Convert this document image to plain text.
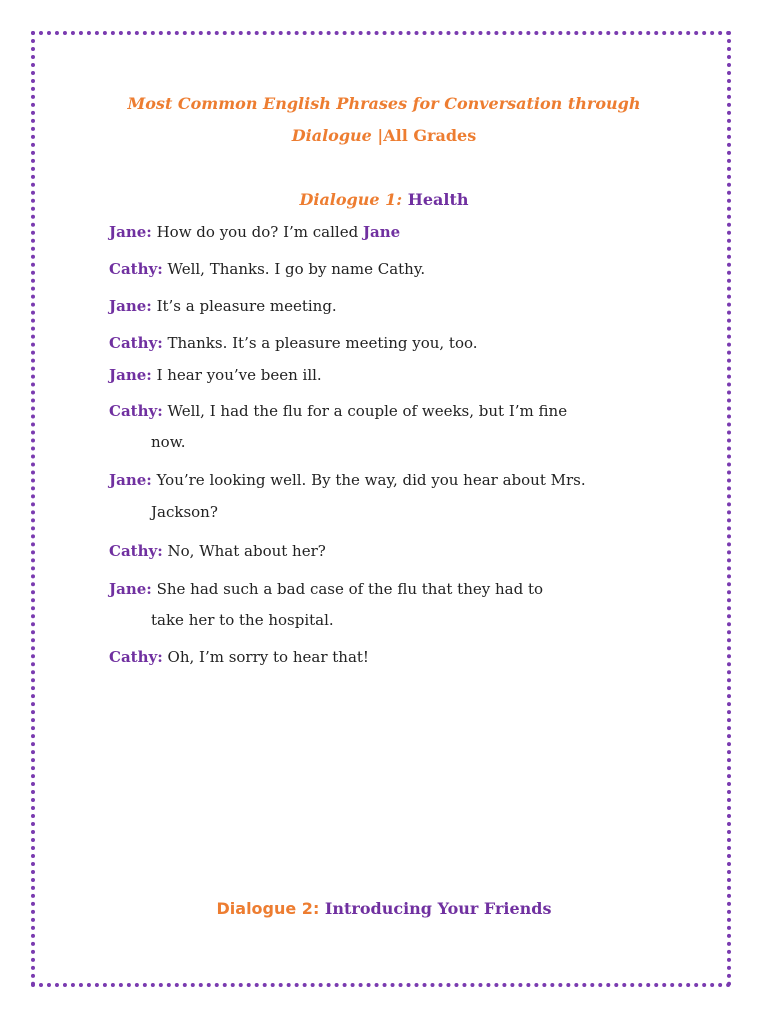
Most Common English Phrases for Conversation through
Dialogue |All Grades
Dialogue 1: Health
Jane: How do you do? I’m called Jane
Cathy: Well, Thanks. I go by name Cathy.
Jane: It’s a pleasure meeting.
Cathy: Thanks. It’s a pleasure meeting you, too.
Jane: I hear you’ve been ill.
Cathy: Well, I had the flu for a couple of weeks, but I’m fine
now.
Jane: You’re looking well. By the way, did you hear about Mrs.
Jackson?
Cathy: No, What about her?
Jane: She had such a bad case of the flu that they had to
take her to the hospital.
Cathy: Oh, I’m sorry to hear that!
Dialogue 2: Introducing Your Friends
